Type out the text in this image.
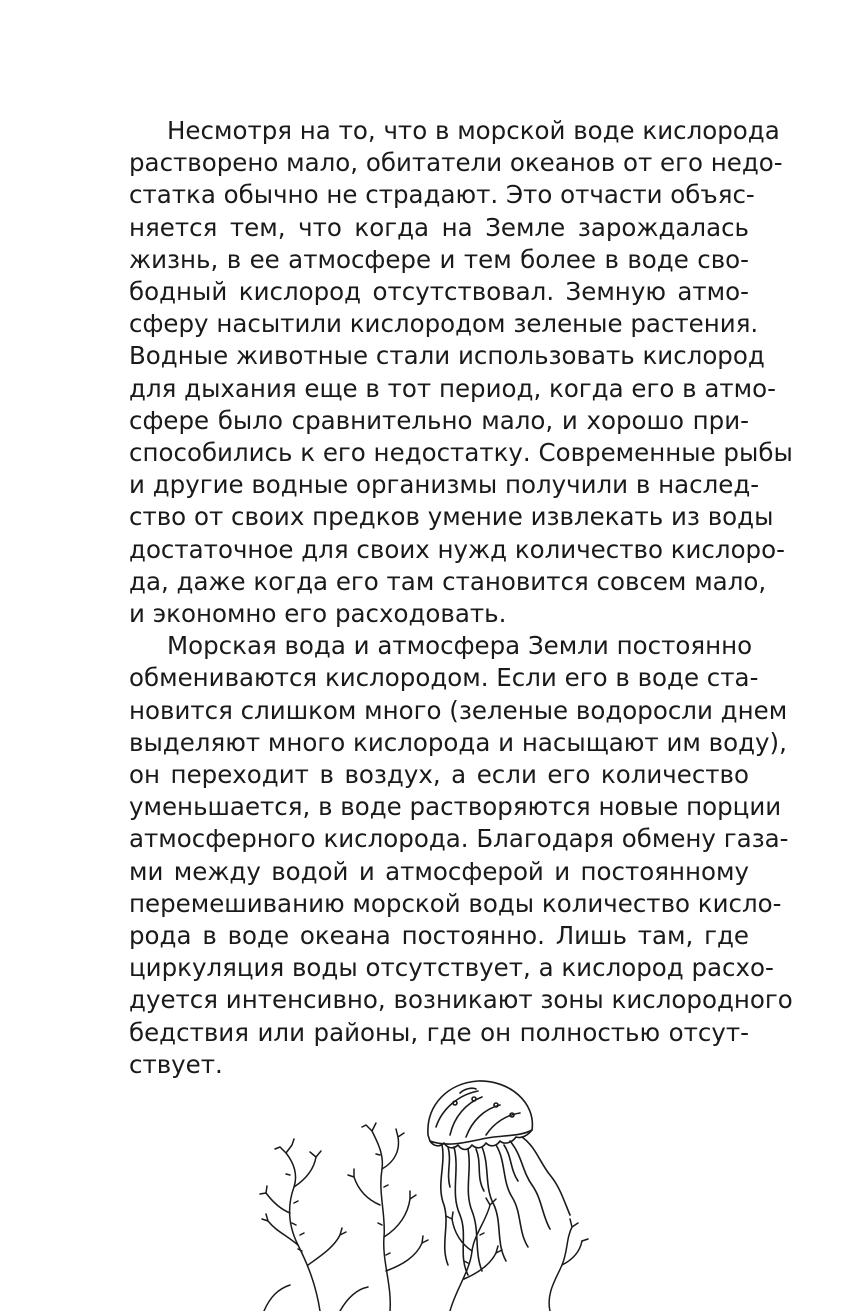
Несмотря на то, что в морской воде кислорода
растворено мало, обитатели океанов от его недо-
статка обычно не страдают. Это отчасти объяс-
няется тем, что когда на Земле зарождалась
жизнь, в ее атмосфере и тем более в воде сво-
бодный кислород отсутствовал. Земную атмо-
сферу насытили кислородом зеленые растения.
Водные животные стали использовать кислород
для дыхания еще в тот период, когда его в атмо-
сфере было сравнительно мало, и хорошо при-
способились к его недостатку. Современные рыбы
и другие водные организмы получили в наслед-
ство от своих предков умение извлекать из воды
достаточное для своих нужд количество кислоро-
да, даже когда его там становится совсем мало,
и экономно его расходовать.

Морская вода и атмосфера Земли постоянно
обмениваются кислородом. Если его в воде ста-
новится слишком много (зеленые водоросли днем
выделяют много кислорода и насыщают им воду),
он переходит в воздух, а если его количество
уменьшается, в воде растворяются новые порции
атмосферного кислорода. Благодаря обмену газа-
ми между водой и атмосферой и постоянному
перемешиванию морской воды количество кисло-
рода в воде океана постоянно. Лишь там, где
циркуляция воды отсутствует, а кислород расхо-
дуется интенсивно, возникают зоны кислородного
бедствия или районы, где он полностью отсут-
ствует.
